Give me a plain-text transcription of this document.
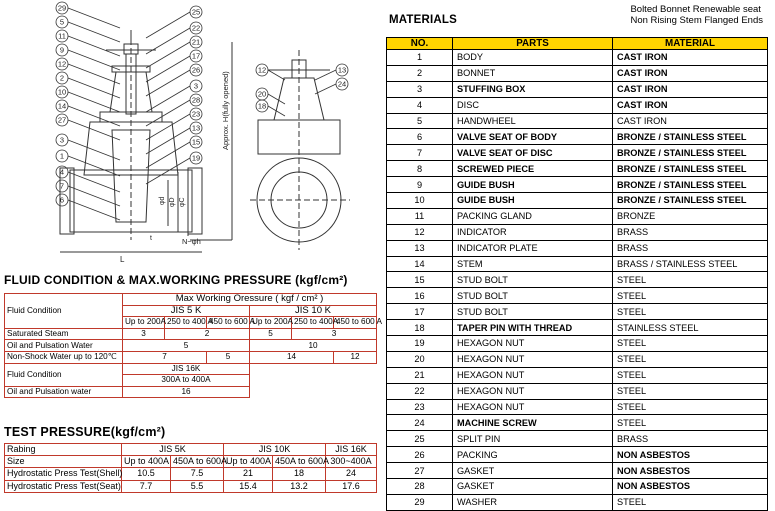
Bolted Bonnet Renewable seat
Non Rising Stem Flanged Ends
29
5
11
9
12
2
10
14
27
3
1
4
7
6
25
22
21
17
26
3
28
23
13
15
19
12	13
24
20
18
Approx. H(fully opened)
L
t	N−φh
φd φD φC
FLUID CONDITION & MAX.WORKING PRESSURE (kgf/cm²)
Fluid Condition	Max Working Oressure ( kgf / cm² )					
	JIS 5 K			JIS 10 K		
	Up to 200A	250 to 400 A	450 to 600 A	Up to 200A	250 to 400A	450 to 600 A
Saturated Steam	3	2		5	3	
Oil and Pulsation Water	5			10		
Non-Shock Water up to 120℃	7		5	14		12
Fluid Condition	JIS 16K					
	300A to 400A					
Oil and Pulsation water	16					
TEST PRESSURE(kgf/cm²)
Rabing	JIS 5K		JIS 10K		JIS 16K
Size	Up to 400A	450A to 600A	Up to 400A	450A to 600A	300~400A
Hydrostatic Press Test(Shell)	10.5	7.5	21	18	24
Hydrostatic Press Test(Seat)	7.7	5.5	15.4	13.2	17.6
MATERIALS
NO.	PARTS	MATERIAL
1	BODY	CAST IRON
2	BONNET	CAST IRON
3	STUFFING BOX	CAST IRON
4	DISC	CAST IRON
5	HANDWHEEL	CAST IRON
6	VALVE SEAT OF BODY	BRONZE / STAINLESS STEEL
7	VALVE SEAT OF DISC	BRONZE / STAINLESS STEEL
8	SCREWED PIECE	BRONZE / STAINLESS STEEL
9	GUIDE BUSH	BRONZE / STAINLESS STEEL
10	GUIDE BUSH	BRONZE / STAINLESS STEEL
11	PACKING GLAND	BRONZE
12	INDICATOR	BRASS
13	INDICATOR PLATE	BRASS
14	STEM	BRASS / STAINLESS STEEL
15	STUD BOLT	STEEL
16	STUD BOLT	STEEL
17	STUD BOLT	STEEL
18	TAPER PIN WITH THREAD	STAINLESS STEEL
19	HEXAGON NUT	STEEL
20	HEXAGON NUT	STEEL
21	HEXAGON NUT	STEEL
22	HEXAGON NUT	STEEL
23	HEXAGON NUT	STEEL
24	MACHINE SCREW	STEEL
25	SPLIT PIN	BRASS
26	PACKING	NON ASBESTOS
27	GASKET	NON ASBESTOS
28	GASKET	NON ASBESTOS
29	WASHER	STEEL
